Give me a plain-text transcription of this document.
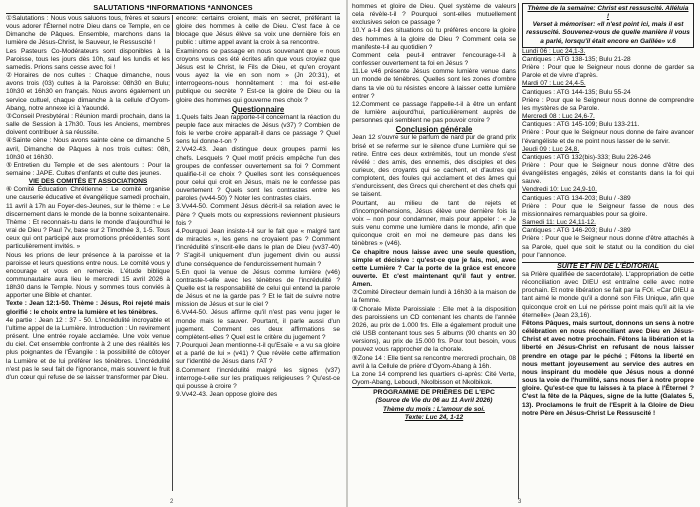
SALUTATIONS *INFORMATIONS *ANNONCES

①Salutations : Nous vous saluons tous, frères et sœurs vous adorer l'Éternel notre Dieu dans ce Temple, en ce Dimanche de Pâques. Ensemble, marchons dans la lumière de Jésus-Christ, le Sauveur, le Ressuscité !

Les Pasteurs Co-Modérateurs sont disponibles à la Paroisse, tous les jours dès 10h, sauf les lundis et les samedis. Prions sans cesse avec foi !

②Horaires de nos cultes : Chaque dimanche, nous avons trois (03) cultes à la Paroisse: 08h30 en Bulu; 10h30 et 16h30 en français. Nous avons également un service cultuel, chaque dimanche à la cellule d'Oyom-Abang, notre annexe ici à Yaoundé.

③Conseil Presbytéral : Réunion mardi prochain, dans la salle de Session à 17h30. Tous les Anciens, membres doivent contribuer à sa réussite.

④Sainte cène : Nous avons sainte cène ce dimanche 5 avril, Dimanche de Pâques à nos trois cultes: 08h, 10h30 et 16h30.

⑤Entretien du Temple et de ses alentours : Pour la semaine : JAPE. Cultes d'enfants et culte des jeunes.

VIE DES COMITÉS ET ASSOCIATIONS

⑥Comité Éducation Chrétienne : Le comité organise une causerie éducative et évangélique samedi prochain, 11 avril à 17h au Foyer-des-Jeunes, sur le thème : « Le discernement dans le monde de la bonne soixantenaire. Thème : Et reconnais-tu dans le monde d'aujourd'hui le vrai de Dieu ? Paul 7v, base sur 2 Timothée 3, 1-5. Tous ceux qui ont participé aux promotions précédentes sont particulièrement invités. »

Nous les prions de leur présence à la paroisse et la paroisse et leurs questions entre nous. Le comité vous y encourage et vous en remercie. L'étude biblique communautaire aura lieu le mercredi 15 avril 2026 à 18h30 dans le Temple. Nous y sommes tous conviés à apporter une Bible et chanter.

Texte : Jean 12:1-50. Thème : Jésus, Roi rejeté mais glorifié : le choix entre la lumière et les ténèbres.

4e partie : Jean 12 : 37 - 50. L'incrédulité incroyable et l'ultime appel de la Lumière. Introduction : Un revirement présent. Une entrée royale acclamée. Une voix venue du ciel. Cet ensemble confronte à 2 une des réalités les plus poignantes de l'Évangile : la possibilité de côtoyer la Lumière et de lui préférer les ténèbres. L'incrédulité n'est pas le seul fait de l'ignorance, mais souvent le fruit d'un cœur qui refuse de se laisser transformer par Dieu.

encore: certains croient, mais en secret, préférant la gloire des hommes à celle de Dieu. C'est face à ce blocage que Jésus élève sa voix une dernière fois en public : ultime appel avant la croix à sa rencontre.

Examinons ce passage en nous souvenant que « nous croyons vous ces été écrites afin que vous croyiez que Jésus est le Christ, le Fils de Dieu, et qu'en croyant vous ayez la vie en son nom » (Jn 20:31), et interrogeons-nous honnêtement : ma foi est-elle publique ou secrète ? Est-ce la gloire de Dieu ou la gloire des hommes qui gouverne mes choix ?

Questionnaire

1.Quels faits Jean rapporte-t-il concernant la réaction du peuple face aux miracles de Jésus (v37) ? Combien de fois le verbe croire apparaît-il dans ce passage ? Quel sens lui donne-t-on ?

2.Vv42-43. Jean distingue deux groupes parmi les chefs. Lesquels ? Quel motif précis empêche l'un des groupes de confesser ouvertement sa foi ? Comment qualifie-t-il ce choix ? Quelles sont les conséquences pour celui qui croit en Jésus, mais ne le confesse pas ouvertement ? Quels sont les contrastes entre les paroles (vv44-50) ? Noter les contrastes clairs.

3.Vv44-50. Comment Jésus décrit-il sa relation avec le Père ? Quels mots ou expressions reviennent plusieurs fois ?

4.Pourquoi Jean insiste-t-il sur le fait que « malgré tant de miracles », les gens ne croyaient pas ? Comment l'incrédulité s'inscrit-elle dans le plan de Dieu (vv37-40) ? S'agit-il uniquement d'un jugement divin ou aussi d'une conséquence de l'endurcissement humain ?

5.En quoi la venue de Jésus comme lumière (v46) contraste-t-elle avec les ténèbres de l'incrédulité ? Quelle est la responsabilité de celui qui entend la parole de Jésus et ne la garde pas ? Et le fait de suivre notre mission de Jésus et sur le ciel ?

6.Vv44-50. Jésus affirme qu'il n'est pas venu juger le monde mais le sauver. Pourtant, il parle aussi d'un jugement. Comment ces deux affirmations se complètent-elles ? Quel est le critère du jugement ?

7.Pourquoi Jean mentionne-t-il qu'Esaïe « a vu sa gloire et a parlé de lui » (v41) ? Que révèle cette affirmation sur l'identité de Jésus dans l'AT ?

8.Comment l'incrédulité malgré les signes (v37) interroge-t-elle sur les pratiques religieuses ? Qu'est-ce qui pousse à croire ?

9.Vv42-43. Jean oppose gloire des

2

hommes et gloire de Dieu. Quel système de valeurs cela révèle-t-il ? Pourquoi sont-elles mutuellement exclusives selon ce passage ?

10.Y a-t-il des situations où tu préfères encore la gloire des hommes à la gloire de Dieu ? Comment cela se manifeste-t-il au quotidien ?

Comment cela peut-il entraver l'encourage-t-il à confesser ouvertement ta foi en Jésus ?

11.Le v46 présente Jésus comme lumière venue dans un monde de ténèbres. Quelles sont les zones d'ombre dans ta vie où tu résistes encore à laisser cette lumière entrer ?

12.Comment ce passage l'appelle-t-il à être un enfant de lumière aujourd'hui, particulièrement auprès de personnes qui semblent ne pas pouvoir croire ?

Conclusion générale

Jean 12 s'ouvre sur le parfum de nard pur de grand prix brisé et se referme sur le silence d'une Lumière qui se retire. Entre ces deux extrémités, tout un monde s'est révélé : des amis, des ennemis, des disciples et des curieux, des croyants qui se cachent, et d'autres qui complotent, des foules qui acclament et des âmes qui s'endurcissent, des Grecs qui cherchent et des chefs qui se taisent.

Pourtant, au milieu de tant de rejets et d'incompréhensions, Jésus élève une dernière fois la voix – non pour condamner, mais pour appeler : « Je suis venu comme une lumière dans le monde, afin que quiconque croit en moi ne demeure pas dans les ténèbres » (v46).

Ce chapitre nous laisse avec une seule question, simple et décisive : qu'est-ce que je fais, moi, avec cette Lumière ? Car la porte de la grâce est encore ouverte. Et c'est maintenant qu'il faut y entrer. Amen.

⑦Comité Directeur demain lundi à 16h30 à la maison de la femme.

⑧Chorale Mixte Paroissiale : Elle met à la disposition des paroissiens un CD contenant les chants de l'année 2026, au prix de 1.000 frs. Elle a également produit une clé USB contenant tous ses 5 albums (90 chants en 30 versions), au prix de 15.000 frs. Pour tout besoin, vous pouvez vous rapprocher de la chorale.

⑨Zone 14 : Elle tient sa rencontre mercredi prochain, 08 avril à la Cellule de prière d'Oyom-Abang à 16h.

La zone 14 comprend les quartiers ci-après: Cité Verte, Oyom-Abang, Leboudi, Nkolbisson et Nkolbikok.

PROGRAMME DE PRIÈRES DE L'EPC

(Source de Vie du 06 au 11 Avril 2026)

Thème du mois : L'amour de soi.

Texte: Luc 24, 1-12

Thème de la semaine: Christ est ressuscité. Alléluia !

Verset à mémoriser: «Il n'est point ici, mais il est ressuscité. Souvenez-vous de quelle manière il vous a parlé, lorsqu'il était encore en Galilée» v.6

Lundi 06 : Luc 24,1-3.

Cantiques : ATG 138-135; Bulu 21-28

Prière : Pour que le Seigneur nous donne de garder sa Parole et de vivre d'après.

Mardi 07 : Luc 24,4-5.

Cantiques : ATG 144-135; Bulu 55-24

Prière : Pour que le Seigneur nous donne de comprendre les mystères de sa Parole.

Mercredi 08 : Luc 24,6-7.

Cantiques : ATG 145-109; Bulu 133-211.

Prière : Pour que le Seigneur nous donne de faire avancer l'évangéliste et de ne point nous lasser de le servir.

Jeudi 09 : Luc 24,8.

Cantiques : ATG 132(bis)-333; Bulu 226-246

Prière : Pour que le Seigneur nous donne d'être des évangélistes engagés, zélés et constants dans la foi qui sauve.

Vendredi 10: Luc 24,9-10.

Cantiques : ATG 134-203; Bulu / -389

Prière : Pour que le Seigneur fasse de nous des missionnaires remarquables pour sa gloire.

Samedi 11: Luc 24,11-12.

Cantiques : ATG 146-203; Bulu / -389

Prière : Pour que le Seigneur nous donne d'être attachés à sa Parole, quel que soit le statut ou la condition du ciel pour l'annonce.

SUITE ET FIN DE L'ÉDITORIAL

sa Prière qualifiée de sacerdotale). L'appropriation de cette réconciliation avec DIEU est entraîne celle avec notre prochain. Et notre libération se fait par la FOI. «Car DIEU a tant aimé le monde qu'il a donné son Fils Unique, afin que quiconque croit en Lui ne périsse point mais qu'il ait la vie éternelle» (Jean 23,16).

Fêtons Pâques, mais surtout, donnons un sens à notre célébration en nous réconciliant avec Dieu en Jésus-Christ et avec notre prochain. Fêtons la libération et la liberté en Jésus-Christ en refusant de nous laisser prendre en otage par le péché ; Fêtons la liberté en nous mettant joyeusement au service des autres en nous inspirant du modèle que Jésus nous a donné sous la voie de l'humilité, sans nous fier à notre propre gloire. Qu'est-ce que tu laisses à ta place à l'Éternel ? C'est la fête de la Pâques, signe de la lutte (Galates 5, 13). Proclamons le fruit de l'Esprit à la Gloire de Dieu notre Père en Jésus-Christ Le Ressuscité !

3
